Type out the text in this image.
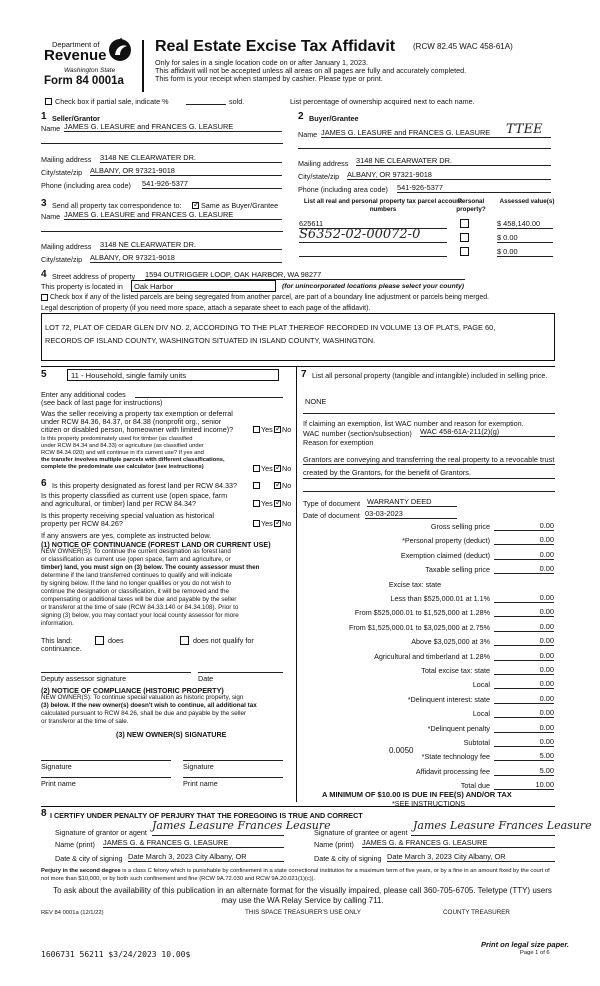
Department of
Revenue
Washington State
Form 84 0001a
Real Estate Excise Tax Affidavit (RCW 82.45 WAC 458-61A)
Only for sales in a single location code on or after January 1, 2023.
This affidavit will not be accepted unless all areas on all pages are fully and accurately completed.
This form is your receipt when stamped by cashier. Please type or print.
Check box if partial sale, indicate %	sold.	List percentage of ownership acquired next to each name.
1 Seller/Grantor
Name JAMES G. LEASURE and FRANCES G. LEASURE
Mailing address 3148 NE CLEARWATER DR.
City/state/zip ALBANY, OR 97321-9018
Phone (including area code) 541-926-5377
2 Buyer/Grantee
Name JAMES G. LEASURE and FRANCES G. LEASURE	TTEE
Mailing address 3148 NE CLEARWATER DR.
City/state/zip ALBANY, OR 97321-9018
Phone (including area code) 541-926-5377
3 Send all property tax correspondence to: ✓	Same as Buyer/Grantee
Name JAMES G. LEASURE and FRANCES G. LEASURE
Mailing address 3148 NE CLEARWATER DR.
City/state/zip ALBANY, OR 97321-9018
List all real and personal property tax parcel account numbers
Personal property?
Assessed value(s)
625611	$ 458,140.00
S6352-02-00072-0	$ 0.00
$ 0.00
4 Street address of property 1594 OUTRIGGER LOOP, OAK HARBOR, WA 98277
This property is located in Oak Harbor	(for unincorporated locations please select your county)
Check box if any of the listed parcels are being segregated from another parcel, are part of a boundary line adjustment or parcels being merged.
Legal description of property (if you need more space, attach a separate sheet to each page of the affidavit).
LOT 72, PLAT OF CEDAR GLEN DIV NO. 2, ACCORDING TO THE PLAT THEREOF RECORDED IN VOLUME 13 OF PLATS, PAGE 60, RECORDS OF ISLAND COUNTY, WASHINGTON SITUATED IN ISLAND COUNTY, WASHINGTON.
5	11 - Household, single family units
Enter any additional codes
(see back of last page for instructions)
Was the seller receiving a property tax exemption or deferral
under RCW 84.36, 84.37, or 84.38 (nonprofit org., senior
citizen or disabled person, homeowner with limited income)?	Yes ✓ No
Is this property predominately used for timber (as classified
under RCW 84.34 and 84.33) or agriculture (as classified under
RCW 84.34.020) and will continue in it's current use? If yes and
the transfer involves multiple parcels with different classifications,
complete the predominate use calculator (see instructions)	Yes ✓ No
6 Is this property designated as forest land per RCW 84.33? ✓	No
Is this property classified as current use (open space, farm
and agricultural, or timber) land per RCW 84.34?	Yes ✓ No
Is this property receiving special valuation as historical
property per RCW 84.26?	Yes ✓ No
If any answers are yes, complete as instructed below.
(1) NOTICE OF CONTINUANCE (FOREST LAND OR CURRENT USE)
NEW OWNER(S): To continue the current designation as forest land
or classification as current use (open space, farm and agriculture, or
timber) land, you must sign on (3) below. The county assessor must then
determine if the land transferred continues to qualify and will indicate
by signing below. If the land no longer qualifies or you do not wish to
continue the designation or classification, it will be removed and the
compensating or additional taxes will be due and payable by the seller
or transferor at the time of sale (RCW 84.33.140 or 84.34.108). Prior to
signing (3) below, you may contact your local county assessor for more
information.
This land:	does	does not qualify for
continuance.
Deputy assessor signature	Date
(2) NOTICE OF COMPLIANCE (HISTORIC PROPERTY)
NEW OWNER(S): To continue special valuation as historic property, sign
(3) below. If the new owner(s) doesn't wish to continue, all additional tax
calculated pursuant to RCW 84.26, shall be due and payable by the seller
or transferor at the time of sale.
(3) NEW OWNER(S) SIGNATURE
Signature	Signature
Print name	Print name
7 List all personal property (tangible and intangible) included in selling price.
NONE
If claiming an exemption, list WAC number and reason for exemption.
WAC number (section/subsection) WAC 458-61A-211(2)(g)
Reason for exemption
Grantors are conveying and transferring the real property to a revocable trust created by the Grantors, for the benefit of Grantors.
Type of document WARRANTY DEED
Date of document 03-03-2023
Gross selling price	0.00
*Personal property (deduct)	0.00
Exemption claimed (deduct)	0.00
Taxable selling price	0.00
Excise tax: state
Less than $525,000.01 at 1.1%	0.00
From $525,000.01 to $1,525,000 at 1.28%	0.00
From $1,525,000.01 to $3,025,000 at 2.75%	0.00
Above $3,025,000 at 3%	0.00
Agricultural and timberland at 1.28%	0.00
Total excise tax: state	0.00
Local	0.00
*Delinquent interest: state	0.00
Local	0.00
*Delinquent penalty	0.00
Subtotal	0.00
*State technology fee	5.00
Affidavit processing fee	5.00
Total due	10.00
0.0050
A MINIMUM OF $10.00 IS DUE IN FEE(S) AND/OR TAX
*SEE INSTRUCTIONS
8 I CERTIFY UNDER PENALTY OF PERJURY THAT THE FOREGOING IS TRUE AND CORRECT
Signature of grantor or agent
James Leasure Frances Leasure
Name (print) JAMES G. & FRANCES G. LEASURE
Date & city of signing Date March 3, 2023 City Albany, OR
Signature of grantee or agent
James Leasure Frances Leasure
Name (print) JAMES G. & FRANCES G. LEASURE
Date & city of signing Date March 3, 2023 City Albany, OR
Perjury in the second degree is a class C felony which is punishable by confinement in a state correctional institution for a maximum term of five years, or by a fine in an amount fixed by the court of not more than $10,000, or by both such confinement and fine (RCW 9A.72.030 and RCW 9A.20.021(1)(c)).
To ask about the availability of this publication in an alternate format for the visually impaired, please call 360-705-6705. Teletype (TTY) users may use the WA Relay Service by calling 711.
REV 84 0001a (12/1/22)	THIS SPACE TREASURER'S USE ONLY	COUNTY TREASURER
1606731 56211 $3/24/2023 10.00$
Print on legal size paper.
Page 1 of 6
